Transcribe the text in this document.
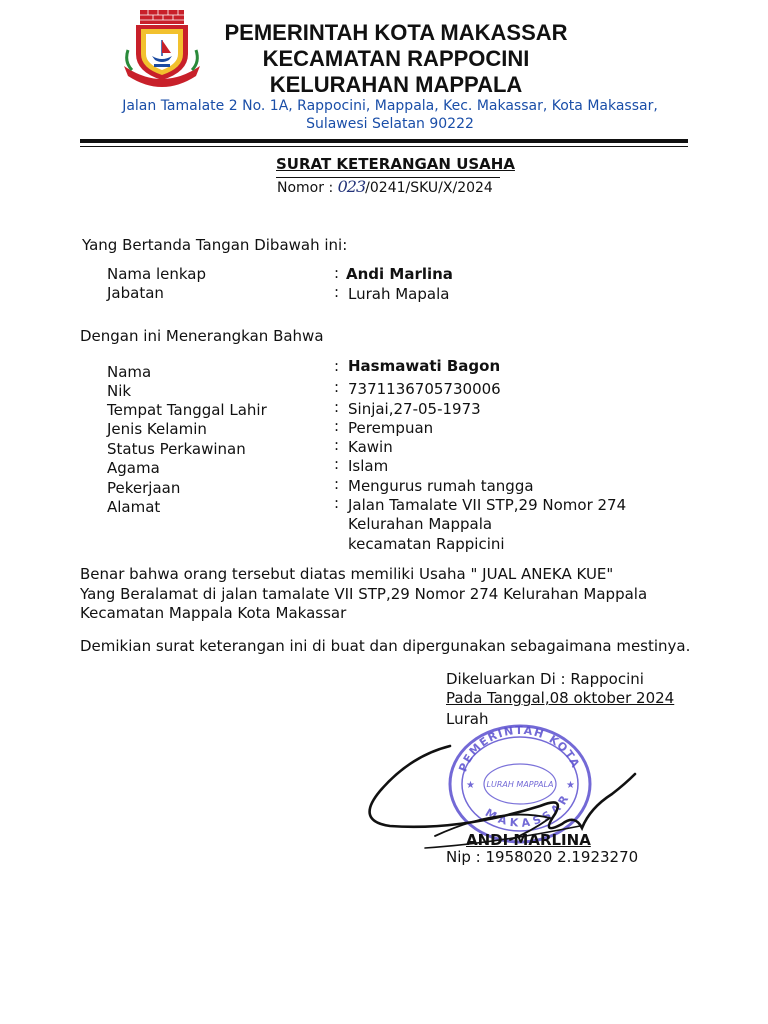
PEMERINTAH KOTA MAKASSAR
KECAMATAN RAPPOCINI
KELURAHAN MAPPALA
Jalan Tamalate 2 No. 1A, Rappocini, Mappala, Kec. Makassar, Kota Makassar,
Sulawesi Selatan 90222
SURAT KETERANGAN USAHA
Nomor : 023/0241/SKU/X/2024
Yang Bertanda Tangan Dibawah ini:
Nama lenkap	: Andi Marlina
Jabatan	: Lurah Mapala
Dengan ini Menerangkan Bahwa
Nama	: Hasmawati Bagon
Nik	: 7371136705730006
Tempat Tanggal Lahir	: Sinjai,27-05-1973
Jenis Kelamin	: Perempuan
Status Perkawinan	: Kawin
Agama	: Islam
Pekerjaan	: Mengurus rumah tangga
Alamat	: Jalan Tamalate VII STP,29 Nomor 274
Kelurahan Mappala
kecamatan Rappicini
Benar bahwa orang tersebut diatas memiliki Usaha " JUAL ANEKA KUE"
Yang Beralamat di jalan tamalate VII STP,29 Nomor 274 Kelurahan Mappala
Kecamatan Mappala Kota Makassar
Demikian surat keterangan ini di buat dan dipergunakan sebagaimana mestinya.
Dikeluarkan Di : Rappocini
Pada Tanggal,08 oktober 2024
Lurah
PEMERINTAH KOTA
MAKASSAR
LURAH MAPPALA
★	★
ANDI MARLINA
Nip : 1958020 2.1923270
